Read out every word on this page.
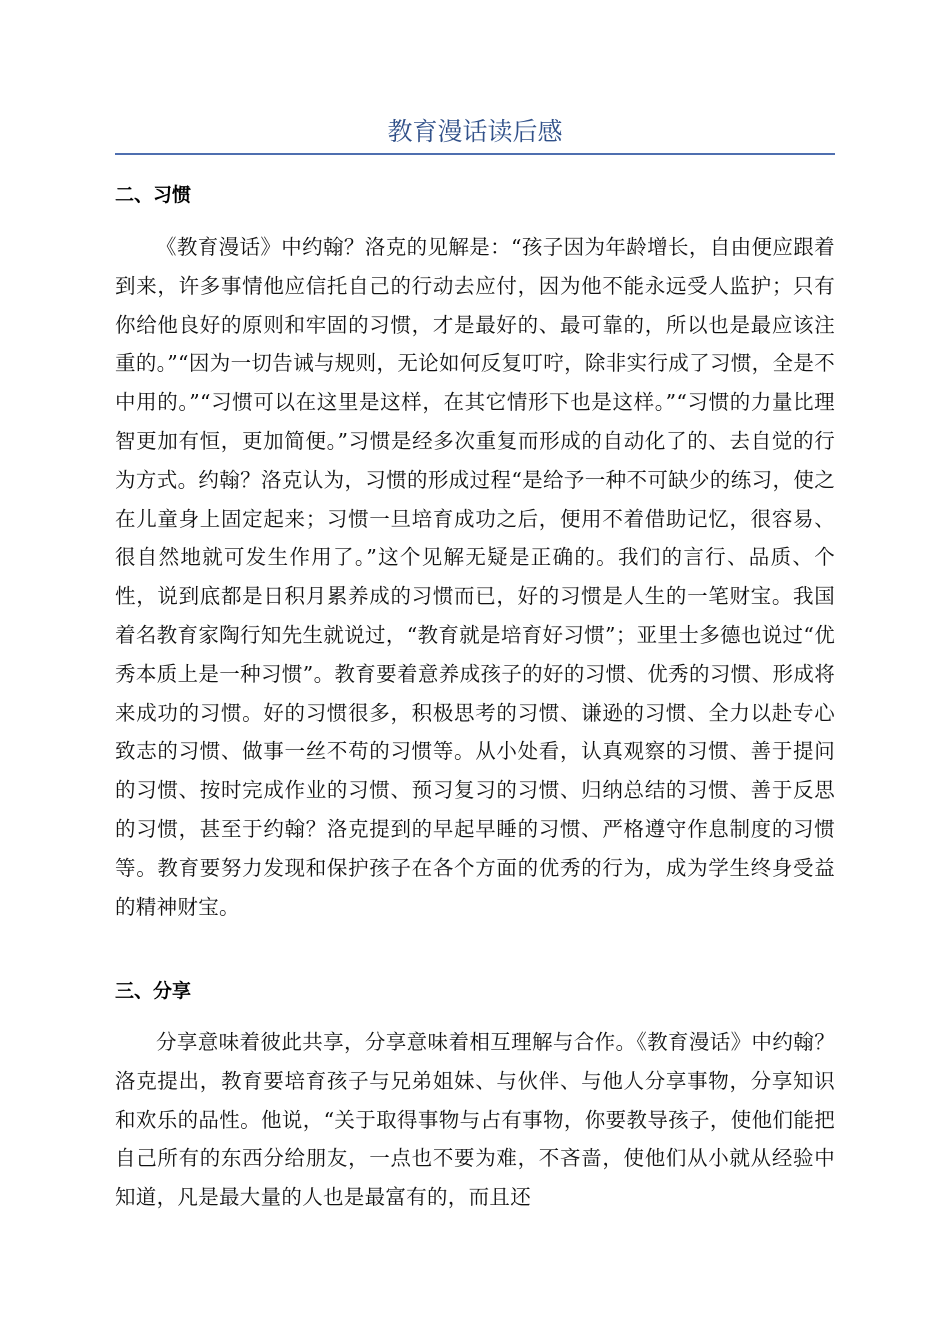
教育漫话读后感
二、习惯

《教育漫话》中约翰？洛克的见解是：“孩子因为年龄增长，自由便应跟着到来，许多事情他应信托自己的行动去应付，因为他不能永远受人监护；只有你给他良好的原则和牢固的习惯，才是最好的、最可靠的，所以也是最应该注重的。”“因为一切告诫与规则，无论如何反复叮咛，除非实行成了习惯，全是不中用的。”“习惯可以在这里是这样，在其它情形下也是这样。”“习惯的力量比理智更加有恒，更加简便。”习惯是经多次重复而形成的自动化了的、去自觉的行为方式。约翰？洛克认为，习惯的形成过程“是给予一种不可缺少的练习，使之在儿童身上固定起来；习惯一旦培育成功之后，便用不着借助记忆，很容易、很自然地就可发生作用了。”这个见解无疑是正确的。我们的言行、品质、个性，说到底都是日积月累养成的习惯而已，好的习惯是人生的一笔财宝。我国着名教育家陶行知先生就说过，“教育就是培育好习惯”；亚里士多德也说过“优秀本质上是一种习惯”。教育要着意养成孩子的好的习惯、优秀的习惯、形成将来成功的习惯。好的习惯很多，积极思考的习惯、谦逊的习惯、全力以赴专心致志的习惯、做事一丝不苟的习惯等。从小处看，认真观察的习惯、善于提问的习惯、按时完成作业的习惯、预习复习的习惯、归纳总结的习惯、善于反思的习惯，甚至于约翰？洛克提到的早起早睡的习惯、严格遵守作息制度的习惯等。教育要努力发现和保护孩子在各个方面的优秀的行为，成为学生终身受益的精神财宝。

三、分享

分享意味着彼此共享，分享意味着相互理解与合作。《教育漫话》中约翰？洛克提出，教育要培育孩子与兄弟姐妹、与伙伴、与他人分享事物，分享知识和欢乐的品性。他说，“关于取得事物与占有事物，你要教导孩子，使他们能把自己所有的东西分给朋友，一点也不要为难，不吝啬，使他们从小就从经验中知道，凡是最大量的人也是最富有的，而且还
